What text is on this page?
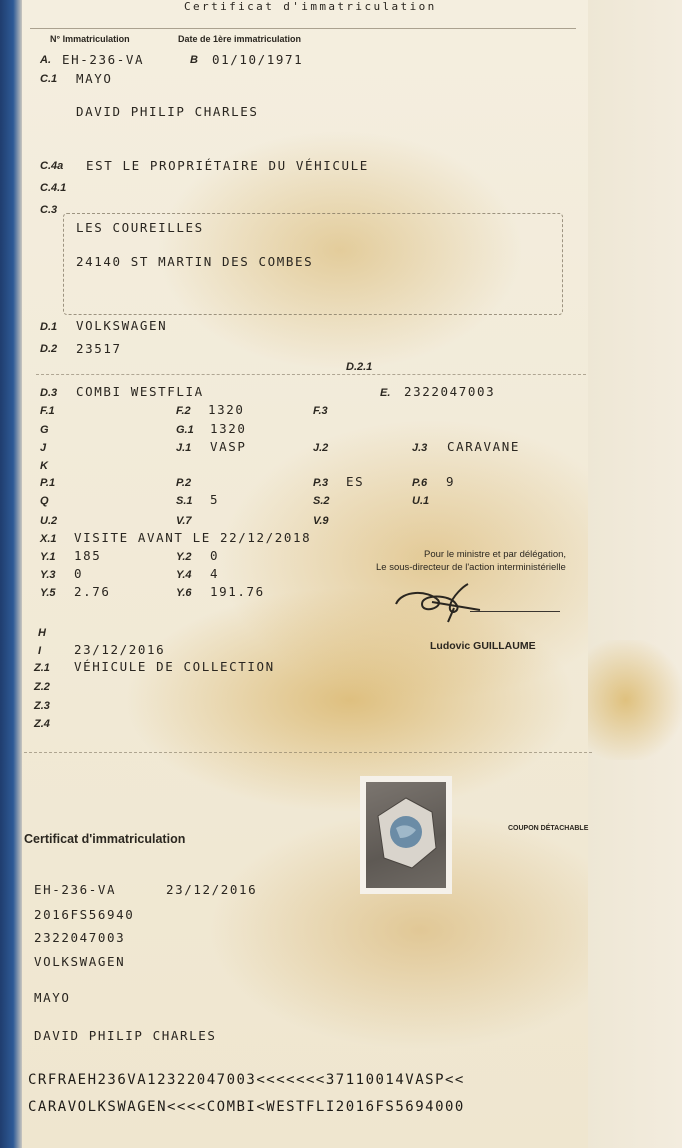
Certificat d'immatriculation
N° Immatriculation	Date de 1ère immatriculation
A. EH-236-VA	B 01/10/1971
C.1 MAYO
DAVID PHILIP CHARLES
C.4a EST LE PROPRIÉTAIRE DU VÉHICULE
C.4.1
C.3
LES COUREILLES
24140 ST MARTIN DES COMBES
D.1 VOLKSWAGEN
D.2 23517
D.2.1
D.3 COMBI WESTFLIA	E. 2322047003
F.1	F.2 1320	F.3
G	G.1 1320
J	J.1 VASP	J.2	J.3 CARAVANE
K
P.1	P.2	P.3 ES	P.6 9
Q	S.1 5	S.2	U.1
U.2	V.7	V.9
X.1 VISITE AVANT LE 22/12/2018
Y.1 185	Y.2 0
Y.3 0	Y.4 4
Y.5 2.76	Y.6 191.76
Pour le ministre et par délégation,
Le sous-directeur de l'action interministérielle
Ludovic GUILLAUME
H
I	23/12/2016
Z.1 VÉHICULE DE COLLECTION
Z.2
Z.3
Z.4
Certificat d'immatriculation
COUPON DÉTACHABLE
EH-236-VA	23/12/2016
2016FS56940
2322047003
VOLKSWAGEN
MAYO
DAVID PHILIP CHARLES
CRFRAEH236VA12322047003<<<<<<<37110014VASP<<
CARAVOLKSWAGEN<<<<COMBI<WESTFLI2016FS5694000
